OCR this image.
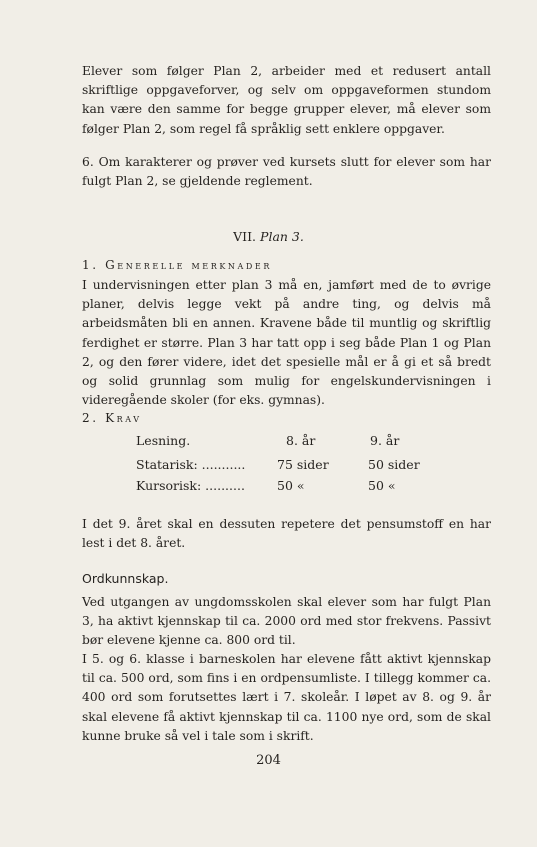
Elever som følger Plan 2, arbeider med et redusert antall skriftlige oppgaveforver, og selv om oppgaveformen stundom kan være den samme for begge grupper elever, må elever som følger Plan 2, som regel få språklig sett enklere oppgaver.

6. Om karakterer og prøver ved kursets slutt for elever som har fulgt Plan 2, se gjeldende reglement.

VII. Plan 3.
1. Generelle merknader

I undervisningen etter plan 3 må en, jamført med de to øvrige planer, delvis legge vekt på andre ting, og delvis må arbeidsmåten bli en annen. Kravene både til muntlig og skriftlig ferdighet er større. Plan 3 har tatt opp i seg både Plan 1 og Plan 2, og den fører videre, idet det spesielle mål er å gi et så bredt og solid grunnlag som mulig for engelskundervisningen i videregående skoler (for eks. gymnas).

2. Krav
Lesning.	8. år	9. år
Statarisk: ...........	75 sider	50 sider
Kursorisk: ..........	50 «	50 «

I det 9. året skal en dessuten repetere det pensumstoff en har lest i det 8. året.

Ordkunnskap.

Ved utgangen av ungdomsskolen skal elever som har fulgt Plan 3, ha aktivt kjennskap til ca. 2000 ord med stor frekvens. Passivt bør elevene kjenne ca. 800 ord til.

I 5. og 6. klasse i barneskolen har elevene fått aktivt kjennskap til ca. 500 ord, som fins i en ordpensumliste. I tillegg kommer ca. 400 ord som forutsettes lært i 7. skoleår. I løpet av 8. og 9. år skal elevene få aktivt kjennskap til ca. 1100 nye ord, som de skal kunne bruke så vel i tale som i skrift.

204
